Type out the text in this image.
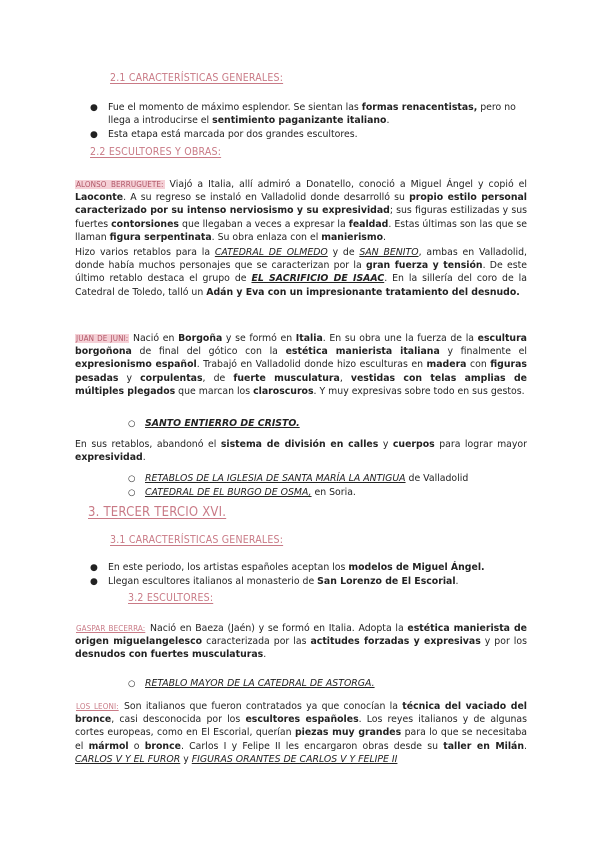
2.1 CARACTERÍSTICAS GENERALES:
● Fue el momento de máximo esplendor. Se sientan las formas renacentistas, pero no llega a introducirse el sentimiento paganizante italiano.

● Esta etapa está marcada por dos grandes escultores.

2.2 ESCULTORES Y OBRAS:

ALONSO BERRUGUETE: Viajó a Italia, allí admiró a Donatello, conoció a Miguel Ángel y copió el Laoconte. A su regreso se instaló en Valladolid donde desarrolló su propio estilo personal caracterizado por su intenso nerviosismo y su expresividad; sus figuras estilizadas y sus fuertes contorsiones que llegaban a veces a expresar la fealdad. Estas últimas son las que se llaman figura serpentinata. Su obra enlaza con el manierismo.

Hizo varios retablos para la CATEDRAL DE OLMEDO y de SAN BENITO, ambas en Valladolid, donde había muchos personajes que se caracterizan por la gran fuerza y tensión. De este último retablo destaca el grupo de EL SACRIFICIO DE ISAAC. En la sillería del coro de la Catedral de Toledo, talló un Adán y Eva con un impresionante tratamiento del desnudo.

JUAN DE JUNI: Nació en Borgoña y se formó en Italia. En su obra une la fuerza de la escultura borgoñona de final del gótico con la estética manierista italiana y finalmente el expresionismo español. Trabajó en Valladolid donde hizo esculturas en madera con figuras pesadas y corpulentas, de fuerte musculatura, vestidas con telas amplias de múltiples plegados que marcan los claroscuros. Y muy expresivas sobre todo en sus gestos.

○ SANTO ENTIERRO DE CRISTO.

En sus retablos, abandonó el sistema de división en calles y cuerpos para lograr mayor expresividad.

○ RETABLOS DE LA IGLESIA DE SANTA MARÍA LA ANTIGUA de Valladolid

○ CATEDRAL DE EL BURGO DE OSMA, en Soria.

3. TERCER TERCIO XVI.
3.1 CARACTERÍSTICAS GENERALES:
● En este periodo, los artistas españoles aceptan los modelos de Miguel Ángel.

● Llegan escultores italianos al monasterio de San Lorenzo de El Escorial.

3.2 ESCULTORES:

GASPAR BECERRA: Nació en Baeza (Jaén) y se formó en Italia. Adopta la estética manierista de origen miguelangelesco caracterizada por las actitudes forzadas y expresivas y por los desnudos con fuertes musculaturas.

○ RETABLO MAYOR DE LA CATEDRAL DE ASTORGA.

LOS LEONI: Son italianos que fueron contratados ya que conocían la técnica del vaciado del bronce, casi desconocida por los escultores españoles. Los reyes italianos y de algunas cortes europeas, como en El Escorial, querían piezas muy grandes para lo que se necesitaba el mármol o bronce. Carlos I y Felipe II les encargaron obras desde su taller en Milán. CARLOS V Y EL FUROR y FIGURAS ORANTES DE CARLOS V Y FELIPE II
